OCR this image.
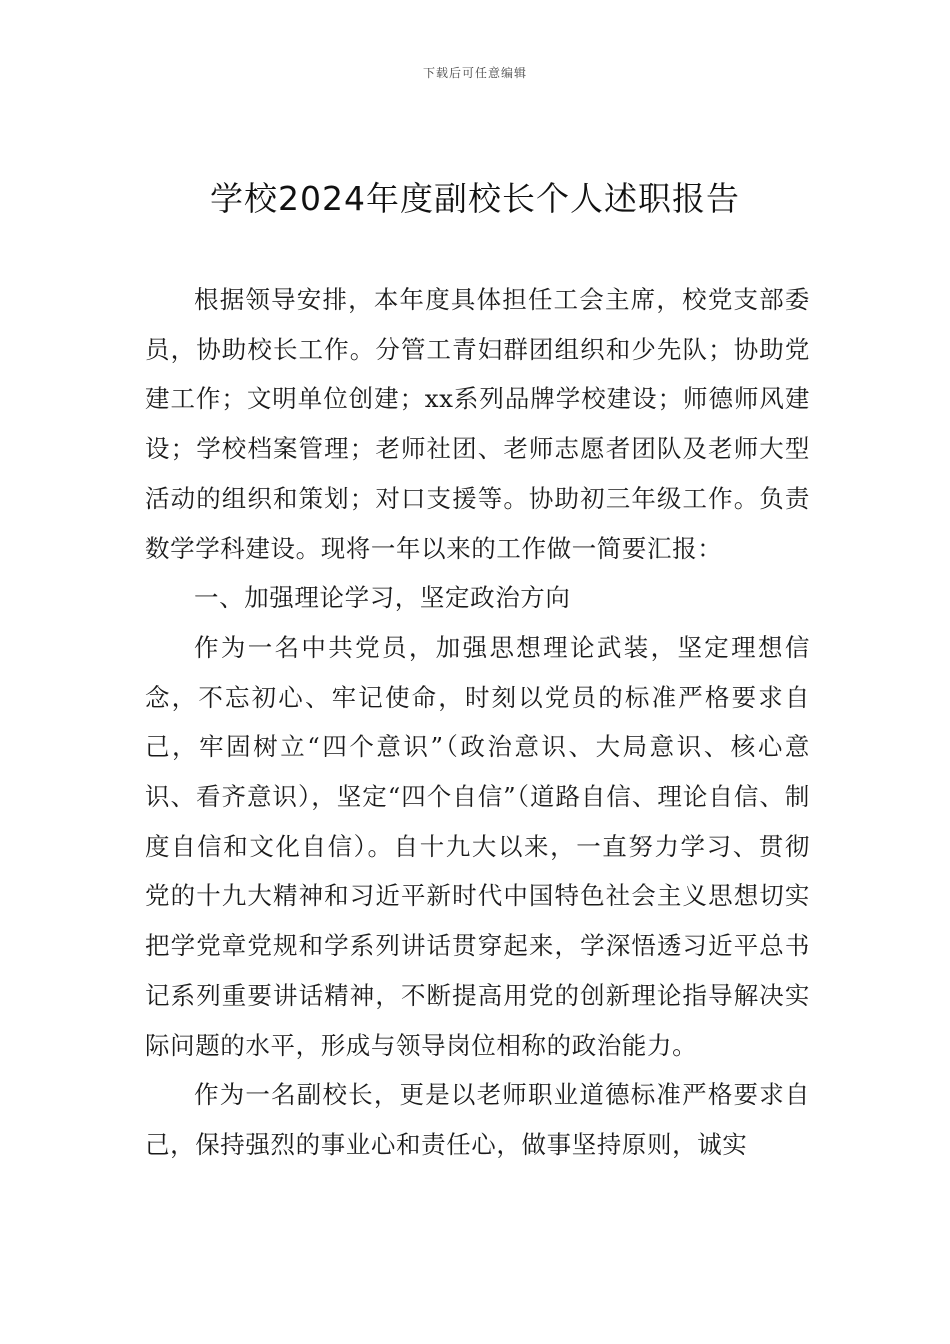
下载后可任意编辑
学校2024年度副校长个人述职报告

根据领导安排，本年度具体担任工会主席，校党支部委员，协助校长工作。分管工青妇群团组织和少先队；协助党建工作；文明单位创建；xx系列品牌学校建设；师德师风建设；学校档案管理；老师社团、老师志愿者团队及老师大型活动的组织和策划；对口支援等。协助初三年级工作。负责数学学科建设。现将一年以来的工作做一简要汇报：

一、加强理论学习，坚定政治方向

作为一名中共党员，加强思想理论武装，坚定理想信念，不忘初心、牢记使命，时刻以党员的标准严格要求自己，牢固树立“四个意识”（政治意识、大局意识、核心意识、看齐意识），坚定“四个自信”（道路自信、理论自信、制度自信和文化自信）。自十九大以来，一直努力学习、贯彻党的十九大精神和习近平新时代中国特色社会主义思想切实把学党章党规和学系列讲话贯穿起来，学深悟透习近平总书记系列重要讲话精神，不断提高用党的创新理论指导解决实际问题的水平，形成与领导岗位相称的政治能力。

作为一名副校长，更是以老师职业道德标准严格要求自己，保持强烈的事业心和责任心，做事坚持原则，诚实
